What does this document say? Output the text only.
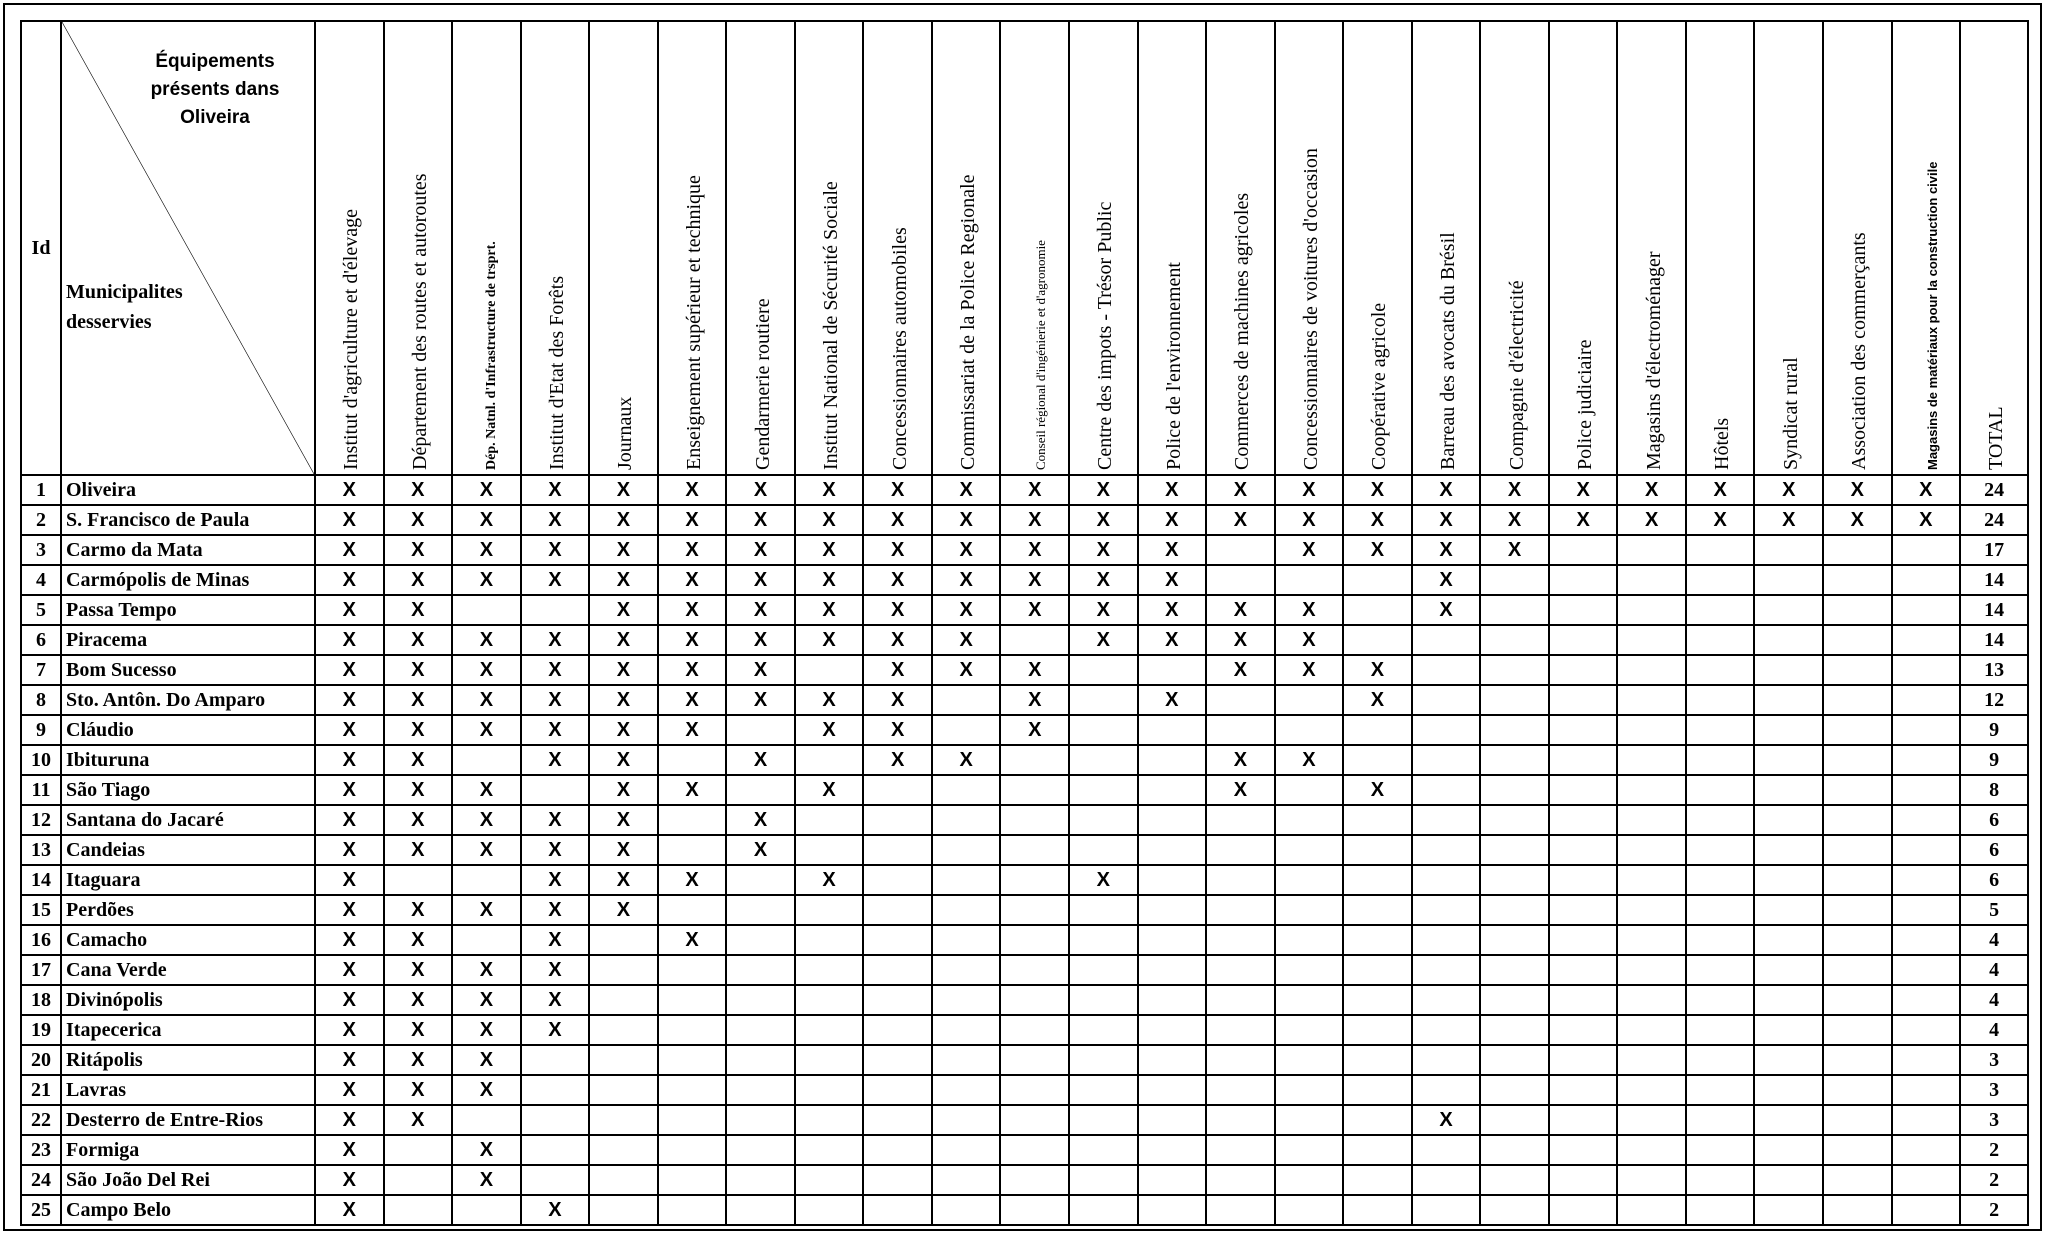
Id	Équipements
présents dans
Oliveira
Municipalites
desservies	Institut d'agriculture et d'élevage	Département des routes et autoroutes	Dép. Natnl. d'Infrastructure de trsprt.	Institut d'Etat des Forêts	Journaux	Enseignement supérieur et technique	Gendarmerie routiere	Institut National de Sécurité Sociale	Concessionnaires automobiles	Commissariat de la Police Regionale	Conseil régional d'ingénierie et d'agronomie	Centre des impots - Trésor Public	Police de l'environnement	Commerces de machines agricoles	Concessionnaires de voitures d'occasion	Coopérative agricole	Barreau des avocats du Brésil	Compagnie d'électricité	Police judiciaire	Magasins d'électroménager	Hôtels	Syndicat rural	Association des commerçants	Magasins de matériaux pour la construction civile	TOTAL

1	Oliveira	X	X	X	X	X	X	X	X	X	X	X	X	X	X	X	X	X	X	X	X	X	X	X	X	24
2	S. Francisco de Paula	X	X	X	X	X	X	X	X	X	X	X	X	X	X	X	X	X	X	X	X	X	X	X	X	24
3	Carmo da Mata	X	X	X	X	X	X	X	X	X	X	X	X	X		X	X	X	X							17
4	Carmópolis de Minas	X	X	X	X	X	X	X	X	X	X	X	X	X				X								14
5	Passa Tempo	X	X			X	X	X	X	X	X	X	X	X	X	X		X								14
6	Piracema	X	X	X	X	X	X	X	X	X	X		X	X	X	X										14
7	Bom Sucesso	X	X	X	X	X	X	X		X	X	X			X	X	X									13
8	Sto. Antôn. Do Amparo	X	X	X	X	X	X	X	X	X		X		X			X									12
9	Cláudio	X	X	X	X	X	X		X	X		X														9
10	Ibituruna	X	X		X	X		X		X	X				X	X										9
11	São Tiago	X	X	X		X	X		X						X		X									8
12	Santana do Jacaré	X	X	X	X	X		X																		6
13	Candeias	X	X	X	X	X		X																		6
14	Itaguara	X			X	X	X		X				X													6
15	Perdões	X	X	X	X	X																				5
16	Camacho	X	X		X		X																			4
17	Cana Verde	X	X	X	X																					4
18	Divinópolis	X	X	X	X																					4
19	Itapecerica	X	X	X	X																					4
20	Ritápolis	X	X	X																						3
21	Lavras	X	X	X																						3
22	Desterro de Entre-Rios	X	X															X								3
23	Formiga	X		X																						2
24	São João Del Rei	X		X																						2
25	Campo Belo	X			X																					2
